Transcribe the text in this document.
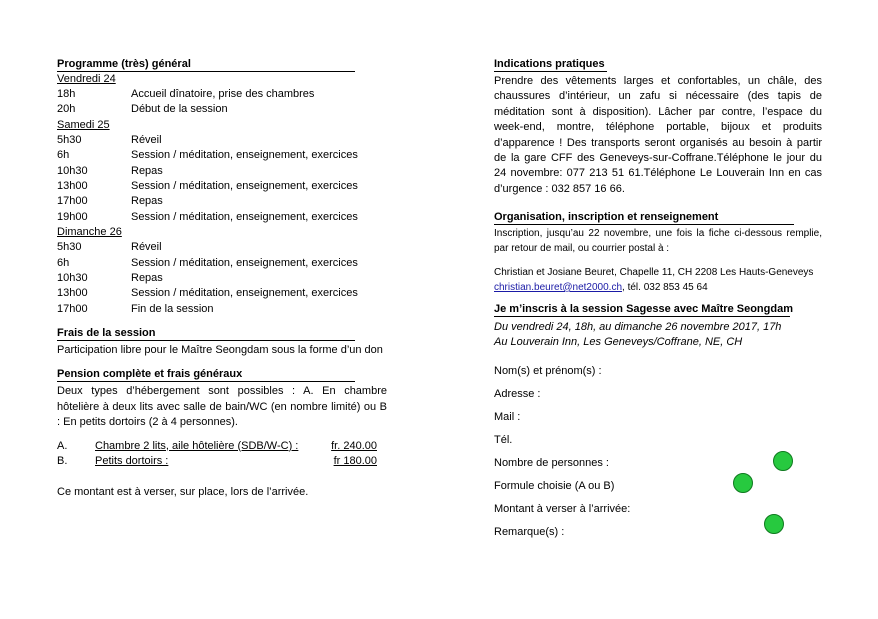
Programme (très) général
Vendredi 24
18h	Accueil dînatoire, prise des chambres
20h	Début de la session
Samedi 25
5h30	Réveil
6h	Session / méditation, enseignement, exercices
10h30	Repas
13h00	Session / méditation, enseignement, exercices
17h00	Repas
19h00	Session / méditation, enseignement, exercices
Dimanche 26
5h30	Réveil
6h	Session / méditation, enseignement, exercices
10h30	Repas
13h00	Session / méditation, enseignement, exercices
17h00	Fin de la session
Frais de la session
Participation libre pour le Maître Seongdam sous la forme d’un don
Pension complète et frais généraux
Deux types d’hébergement sont possibles : A. En chambre hôtelière à deux lits avec salle de bain/WC (en nombre limité) ou B : En petits dortoirs (2 à 4 personnes).
A.	Chambre 2 lits, aile hôtelière (SDB/W-C) :	fr. 240.00
B.	Petits dortoirs :	fr 180.00
Ce montant est à verser, sur place, lors de l’arrivée.
Indications pratiques
Prendre des vêtements larges et confortables, un châle, des chaussures d’intérieur, un zafu si nécessaire (des tapis de méditation sont à disposition). Lâcher par contre, l’espace du week-end, montre, téléphone portable, bijoux et produits d’apparence ! Des transports seront organisés au besoin à partir de la gare CFF des Geneveys-sur-Coffrane.Téléphone le jour du 24 novembre: 077 213 51 61.Téléphone Le Louverain Inn en cas d’urgence : 032 857 16 66.
Organisation, inscription et renseignement
Inscription, jusqu’au 22 novembre, une fois la fiche ci-dessous remplie, par retour de mail, ou courrier postal à :
Christian et Josiane Beuret, Chapelle 11, CH 2208 Les Hauts-Geneveys
christian.beuret@net2000.ch, tél. 032 853 45 64
Je m’inscris à la session Sagesse avec Maître Seongdam
Du vendredi 24, 18h, au dimanche 26 novembre 2017, 17h
Au Louverain Inn, Les Geneveys/Coffrane, NE, CH
Nom(s) et prénom(s) :
Adresse :
Mail :
Tél.
Nombre de personnes :
Formule choisie (A ou B)
Montant à verser à l’arrivée:
Remarque(s) :
